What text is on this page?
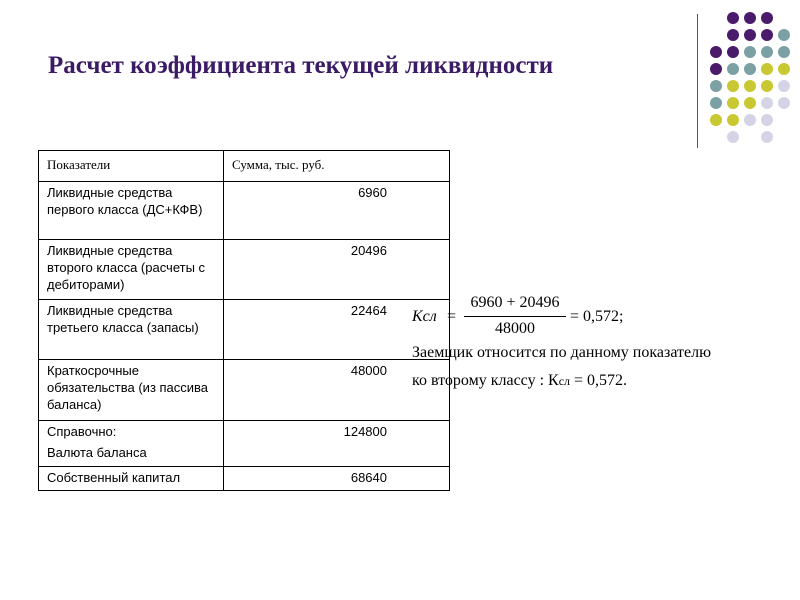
Расчет коэффициента текущей ликвидности
Показатели	Сумма, тыс. руб.
Ликвидные средства первого класса (ДС+КФВ)	6960
Ликвидные средства второго класса (расчеты с дебиторами)	20496
Ликвидные средства третьего класса (запасы)	22464
Краткосрочные обязательства (из пассива баланса)	48000

Справочно:
Валюта баланса	124800
Собственный капитал	68640
Kсл =
6960 + 20496
48000
= 0,572;
Заемщик относится по данному показателю
ко второму классу : Ксл = 0,572.
